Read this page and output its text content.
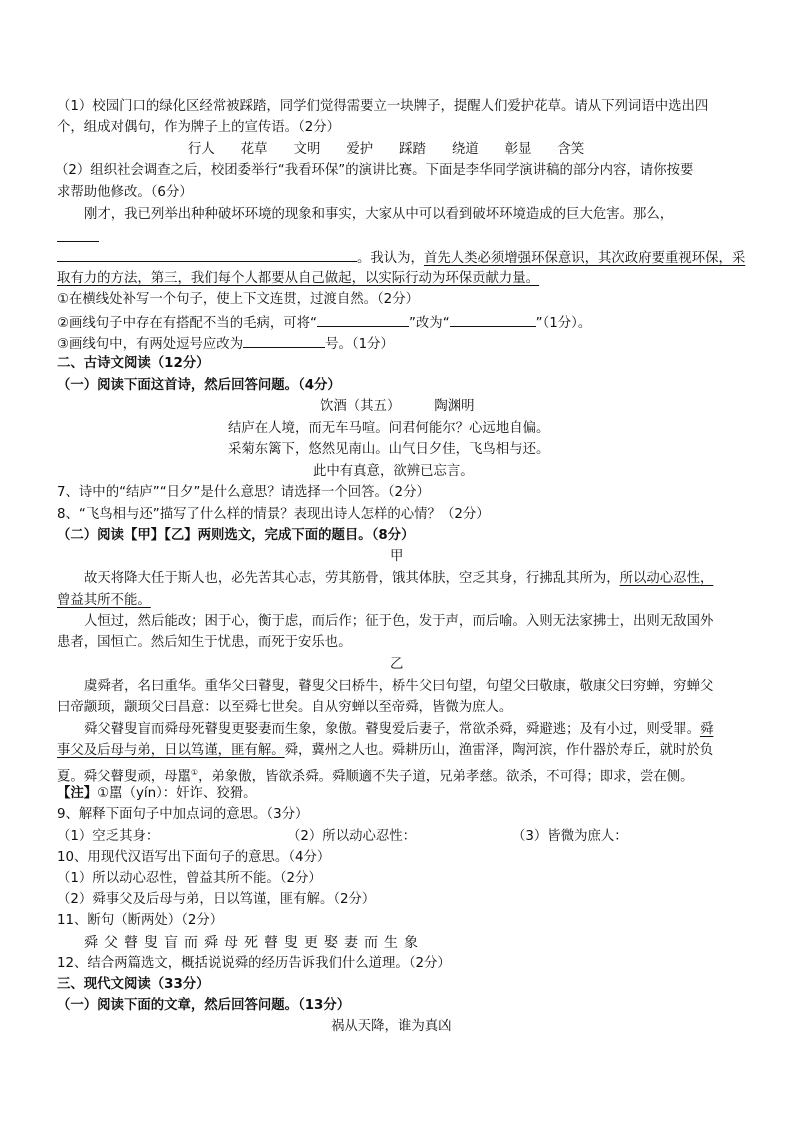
（1）校园门口的绿化区经常被踩踏，同学们觉得需要立一块牌子，提醒人们爱护花草。请从下列词语中选出四
个，组成对偶句，作为牌子上的宣传语。（2分）
行人 花草 文明 爱护 踩踏 绕道 彰显 含笑
（2）组织社会调查之后，校团委举行“我看环保”的演讲比赛。下面是李华同学演讲稿的部分内容，请你按要
求帮助他修改。（6分）
刚才，我已列举出种种破坏环境的现象和事实，大家从中可以看到破坏环境造成的巨大危害。那么，
。我认为，首先人类必须增强环保意识，其次政府要重视环保，采
取有力的方法，第三，我们每个人都要从自己做起，以实际行动为环保贡献力量。
①在横线处补写一个句子，使上下文连贯，过渡自然。（2分）
②画线句子中存在有搭配不当的毛病，可将“	”改为“	”（1分）。
③画线句中，有两处逗号应改为	号。（1分）
二、古诗文阅读（12分）
（一）阅读下面这首诗，然后回答问题。（4分）
饮酒（其五）	陶渊明
结庐在人境，而无车马喧。问君何能尔？心远地自偏。
采菊东篱下，悠然见南山。山气日夕佳，飞鸟相与还。
此中有真意，欲辨已忘言。
7、诗中的“结庐”“日夕”是什么意思？请选择一个回答。（2分）
8、“飞鸟相与还”描写了什么样的情景？表现出诗人怎样的心情？（2分）
（二）阅读【甲】【乙】两则选文，完成下面的题目。（8分）
甲
故天将降大任于斯人也，必先苦其心志，劳其筋骨，饿其体肤，空乏其身，行拂乱其所为，所以动心忍性，
曾益其所不能。
人恒过，然后能改；困于心，衡于虑，而后作；征于色，发于声，而后喻。入则无法家拂士，出则无敌国外
患者，国恒亡。然后知生于忧患，而死于安乐也。
乙
虞舜者，名曰重华。重华父曰瞽叟，瞽叟父曰桥牛，桥牛父曰句望，句望父曰敬康，敬康父曰穷蝉，穷蝉父
曰帝颛顼，颛顼父曰昌意：以至舜七世矣。自从穷蝉以至帝舜，皆微为庶人。
舜父瞽叟盲而舜母死瞽叟更娶妻而生象，象傲。瞽叟爱后妻子，常欲杀舜，舜避逃；及有小过，则受罪。舜
事父及后母与弟，日以笃谨，匪有解。舜，冀州之人也。舜耕历山，渔雷泽，陶河滨，作什器於寿丘，就时於负
夏。舜父瞽叟顽，母嚚①，弟象傲，皆欲杀舜。舜顺適不失子道，兄弟孝慈。欲杀，不可得；即求，尝在侧。
【注】①嚚（yín）：奸诈、狡猾。
9、解释下面句子中加点词的意思。（3分）
（1）空乏其身：	（2）所以动心忍性：	（3）皆微为庶人：
10、用现代汉语写出下面句子的意思。（4分）
（1）所以动心忍性，曾益其所不能。（2分）
（2）舜事父及后母与弟，日以笃谨，匪有解。（2分）
11、断句（断两处）（2分）
舜父瞽叟盲而舜母死瞽叟更娶妻而生象
12、结合两篇选文，概括说说舜的经历告诉我们什么道理。（2分）
三、现代文阅读（33分）
（一）阅读下面的文章，然后回答问题。（13分）
祸从天降，谁为真凶
